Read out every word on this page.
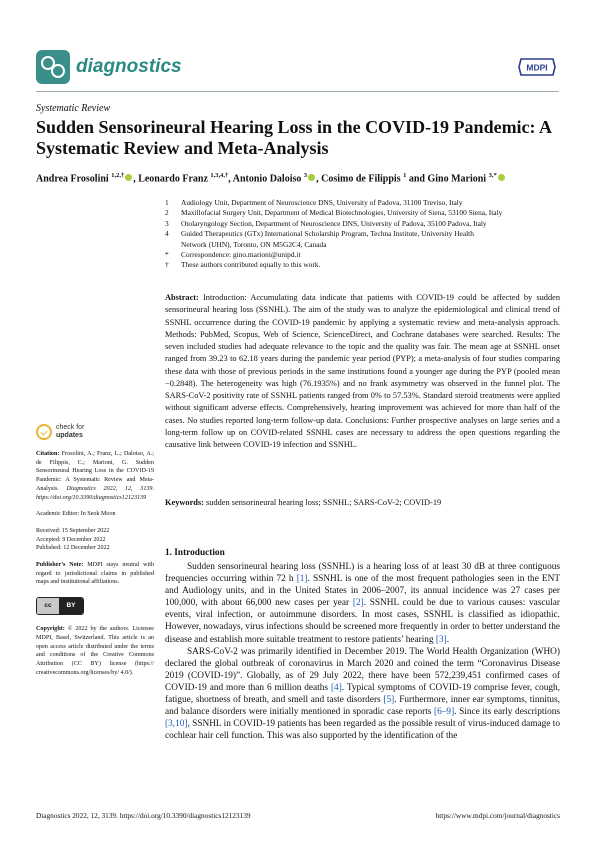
diagnostics	MDPI
Systematic Review
Sudden Sensorineural Hearing Loss in the COVID-19 Pandemic: A Systematic Review and Meta-Analysis
Andrea Frosolini $^{1,2,\dagger}$ , Leonardo Franz $^{1,3,4,\dagger}$, Antonio Daloiso $^3$ , Cosimo de Filippis $^1$ and Gino Marioni $^{3,*}$
1	Audiology Unit, Department of Neuroscience DNS, University of Padova, 31100 Treviso, Italy
2	Maxillofacial Surgery Unit, Department of Medical Biotechnologies, University of Siena, 53100 Siena, Italy
3	Otolaryngology Section, Department of Neuroscience DNS, University of Padova, 35100 Padova, Italy
4	Guided Therapeutics (GTx) International Scholarship Program, Techna Institute, University Health Network (UHN), Toronto, ON M5G2C4, Canada
*	Correspondence: gino.marioni@unipd.it
†	These authors contributed equally to this work.
Abstract: Introduction: Accumulating data indicate that patients with COVID-19 could be affected by sudden sensorineural hearing loss (SSNHL). The aim of the study was to analyze the epidemiological and clinical trend of SSNHL occurrence during the COVID-19 pandemic by applying a systematic review and meta-analysis approach. Methods: PubMed, Scopus, Web of Science, ScienceDirect, and Cochrane databases were searched. Results: The seven included studies had adequate relevance to the topic and the quality was fair. The mean age at SSNHL onset ranged from 39.23 to 62.18 years during the pandemic year period (PYP); a meta-analysis of four studies comparing these data with those of previous periods in the same institutions found a younger age during the PYP (pooled mean −0.2848). The heterogeneity was high (76.1935%) and no frank asymmetry was observed in the funnel plot. The SARS-CoV-2 positivity rate of SSNHL patients ranged from 0% to 57.53%. Standard steroid treatments were applied without significant adverse effects. Comprehensively, hearing improvement was achieved for more than half of the cases. No studies reported long-term follow-up data. Conclusions: Further prospective analyses on large series and a long-term follow up on COVID-related SSNHL cases are necessary to address the open questions regarding the causative link between COVID-19 infection and SSNHL.
Keywords: sudden sensorineural hearing loss; SSNHL; SARS-CoV-2; COVID-19
check for
updates
Citation: Frosolini, A.; Franz, L.; Daloiso, A.; de Filippis, C.; Marioni, G. Sudden Sensorineural Hearing Loss in the COVID-19 Pandemic: A Systematic Review and Meta-Analysis. Diagnostics 2022, 12, 3139. https://doi.org/10.3390/diagnostics12123139
Academic Editor: In Seok Moon
Received: 15 September 2022
Accepted: 9 December 2022
Published: 12 December 2022
Publisher’s Note: MDPI stays neutral with regard to jurisdictional claims in published maps and institutional affiliations.
cc	BY
Copyright: © 2022 by the authors. Licensee MDPI, Basel, Switzerland. This article is an open access article distributed under the terms and conditions of the Creative Commons Attribution (CC BY) license (https:// creativecommons.org/licenses/by/ 4.0/).
1. Introduction

Sudden sensorineural hearing loss (SSNHL) is a hearing loss of at least 30 dB at three contiguous frequencies occurring within 72 h [1]. SSNHL is one of the most frequent pathologies seen in the ENT and Audiology units, and in the United States in 2006–2007, its annual incidence was 27 cases per 100,000, with about 66,000 new cases per year [2]. SSNHL could be due to various causes: vascular events, viral infection, or autoimmune disorders. In most cases, SSNHL is classified as idiopathic. However, nowadays, virus infections should be screened more frequently in order to better understand the disease and establish more suitable treatment to restore patients’ hearing [3].

SARS-CoV-2 was primarily identified in December 2019. The World Health Organization (WHO) declared the global outbreak of coronavirus in March 2020 and coined the term “Coronavirus Disease 2019 (COVID-19)”. Globally, as of 29 July 2022, there have been 572,239,451 confirmed cases of COVID-19 and more than 6 million deaths [4]. Typical symptoms of COVID-19 comprise fever, cough, fatigue, shortness of breath, and smell and taste disorders [5]. Furthermore, inner ear symptoms, tinnitus, and balance disorders were initially mentioned in sporadic case reports [6–9]. Since its early descriptions [3,10], SSNHL in COVID-19 patients has been regarded as the possible result of virus-induced damage to cochlear hair cell function. This was also supported by the identification of the

Diagnostics 2022, 12, 3139. https://doi.org/10.3390/diagnostics12123139	https://www.mdpi.com/journal/diagnostics
